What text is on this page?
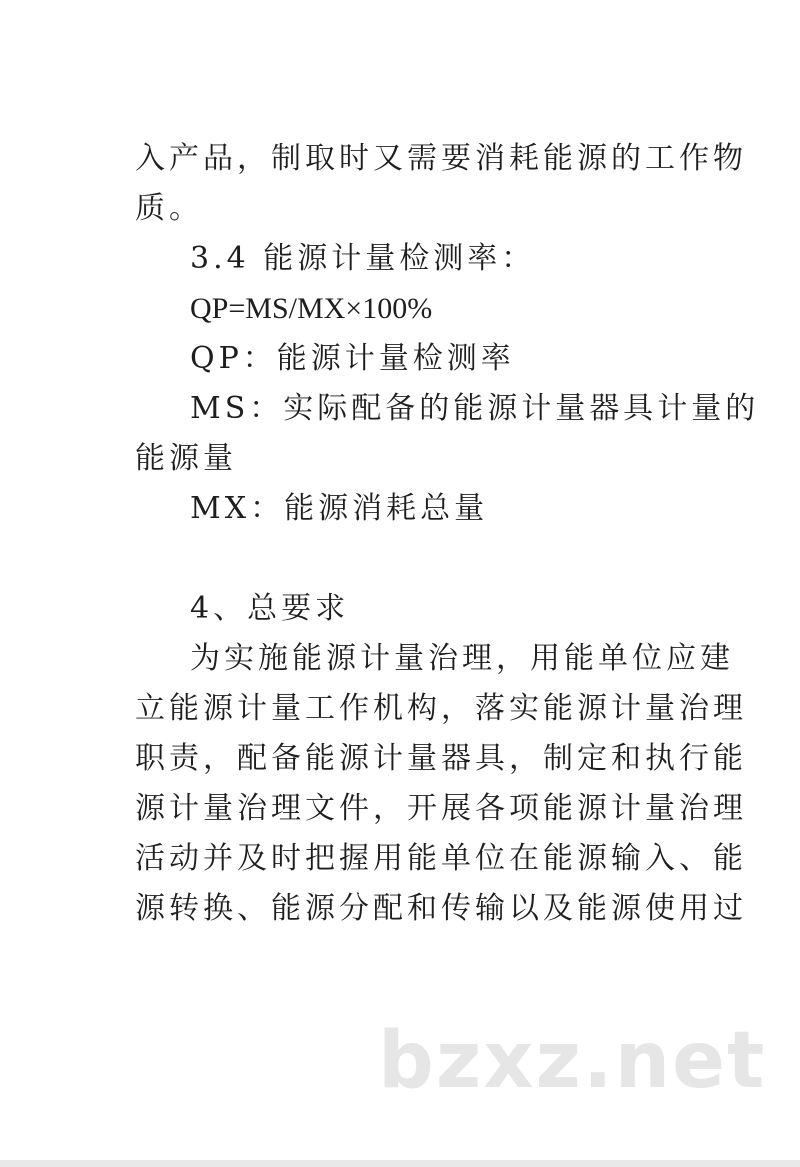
入产品，制取时又需要消耗能源的工作物
质。
3.4 能源计量检测率：
QP=MS/MX×100%
QP：能源计量检测率
MS：实际配备的能源计量器具计量的
能源量
MX：能源消耗总量
4、总要求
为实施能源计量治理，用能单位应建
立能源计量工作机构，落实能源计量治理
职责，配备能源计量器具，制定和执行能
源计量治理文件，开展各项能源计量治理
活动并及时把握用能单位在能源输入、能
源转换、能源分配和传输以及能源使用过
bzxz.net
